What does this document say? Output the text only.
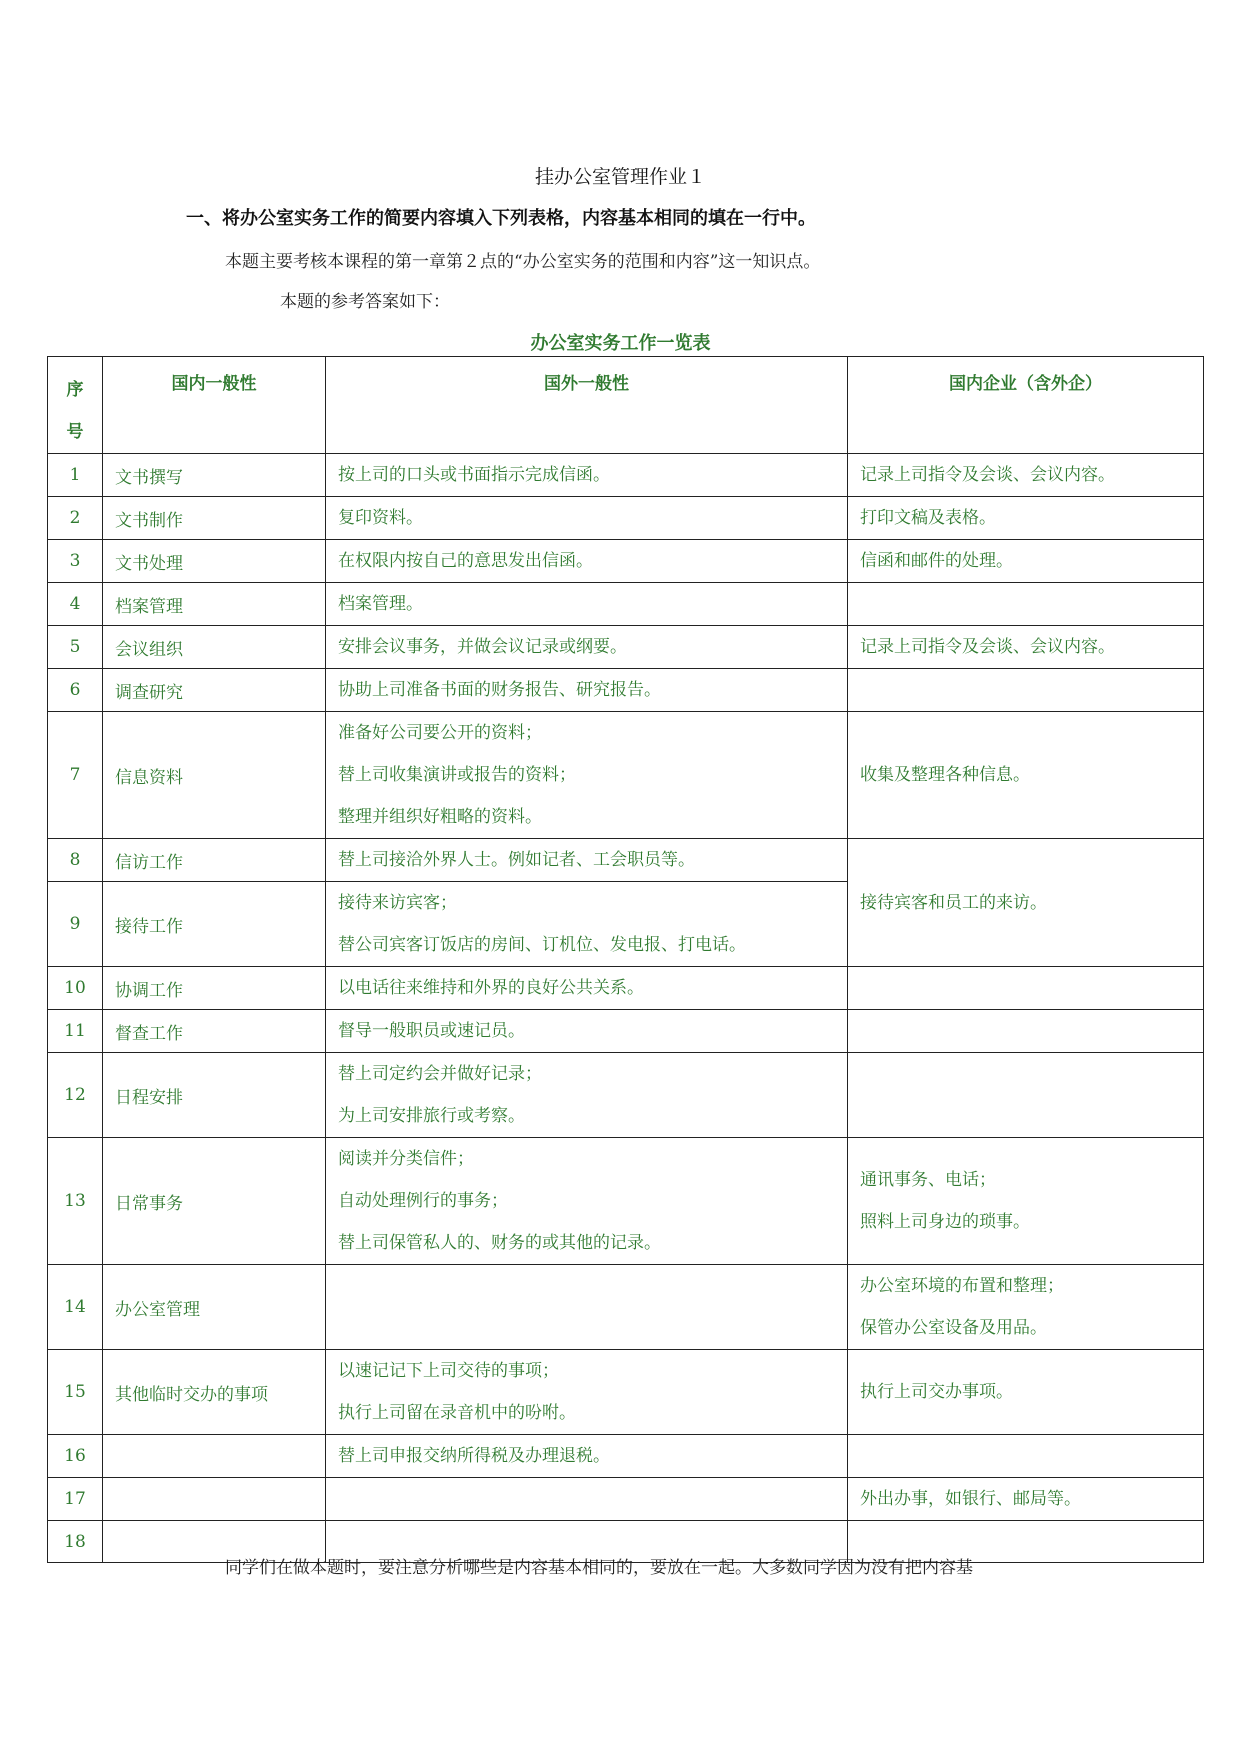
挂办公室管理作业１
一、将办公室实务工作的简要内容填入下列表格，内容基本相同的填在一行中。
本题主要考核本课程的第一章第２点的“办公室实务的范围和内容”这一知识点。
本题的参考答案如下：
办公室实务工作一览表
序
号	国内一般性	国外一般性	国内企业（含外企）
1	文书撰写	按上司的口头或书面指示完成信函。	记录上司指令及会谈、会议内容。

2	文书制作	复印资料。	打印文稿及表格。

3	文书处理	在权限内按自己的意思发出信函。	信函和邮件的处理。

4	档案管理	档案管理。	

5	会议组织	安排会议事务，并做会议记录或纲要。	记录上司指令及会谈、会议内容。

6	调查研究	协助上司准备书面的财务报告、研究报告。	

7	信息资料	准备好公司要公开的资料；
替上司收集演讲或报告的资料；
整理并组织好粗略的资料。	收集及整理各种信息。

8	信访工作	替上司接洽外界人士。例如记者、工会职员等。	接待宾客和员工的来访。

9	接待工作	接待来访宾客；
替公司宾客订饭店的房间、订机位、发电报、打电话。	

10	协调工作	以电话往来维持和外界的良好公共关系。	

11	督查工作	督导一般职员或速记员。	

12	日程安排	替上司定约会并做好记录；
为上司安排旅行或考察。	

13	日常事务	阅读并分类信件；
自动处理例行的事务；
替上司保管私人的、财务的或其他的记录。	通讯事务、电话；
照料上司身边的琐事。

14	办公室管理		办公室环境的布置和整理；
保管办公室设备及用品。

15	其他临时交办的事项	以速记记下上司交待的事项；
执行上司留在录音机中的吩咐。	执行上司交办事项。

16		替上司申报交纳所得税及办理退税。	

17			外出办事，如银行、邮局等。

18			
同学们在做本题时，要注意分析哪些是内容基本相同的，要放在一起。大多数同学因为没有把内容基
